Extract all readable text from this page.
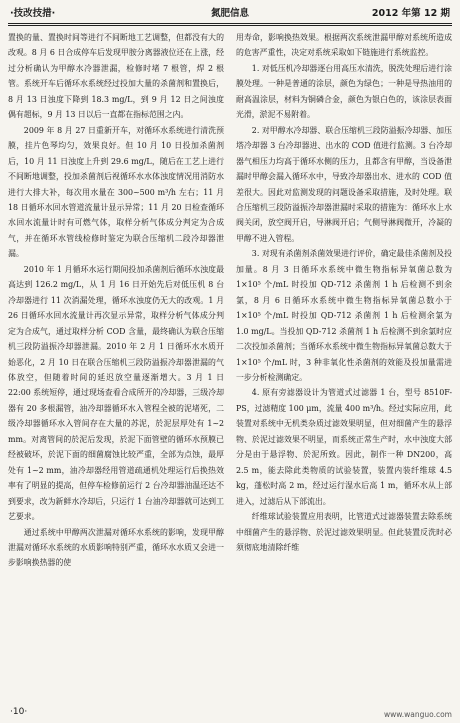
·技改技措·	氮肥信息	2012 年第 12 期

置换的量、置换时间等进行不间断地工艺调整，但都没有大的改观。8 月 6 日合成停车后发现甲胺分离器液位还在上涨，经过分析确认为甲醇水冷器泄漏，检修时堵 7 根管，焊 2 根管。系统开车后循环水系统经过投加大量的杀菌剂和置换后，8 月 13 日浊度下降到 18.3 mg/L，到 9 月 12 日之间浊度偶有超标，9 月 13 日以后一直都在指标范围之内。

2009 年 8 月 27 日重新开车，对循环水系统进行清洗预膜，挂片色琴均匀，效果良好。但 10 月 10 日投加杀菌剂后，10 月 11 日浊度上升到 29.6 mg/L，随后在工艺上进行不间断地调整，投加杀菌剂后视循环水水体浊度情况用消防水进行大排大补，每次用水量在 300~500 m³/h 左右；11 月 18 日循环水回水管道流量计显示异常；11 月 20 日检查循环水回水流量计时有可燃气体，取样分析气体成分判定为合成气，并在循环水管线检修时鉴定为联合压缩机二段冷却器泄漏。

2010 年 1 月循环水运行期间投加杀菌剂后循环水浊度最高达到 126.2 mg/L，从 1 月 16 日开始先后对低压机 8 台冷却器进行 11 次消漏处理，循环水浊度仍无大的改观。1 月 26 日循环水回水流量计再次显示异常，取样分析气体成分判定为合成气，通过取样分析 COD 含量，最终确认为联合压缩机三段防溢振冷却器泄漏。2010 年 2 月 1 日循环水水质开始恶化，2 月 10 日在联合压缩机三段防溢振冷却器泄漏的气体放空，但随着时间的延迟放空量逐渐增大。3 月 1 日 22:00 系统短停，通过现场查看合成所开的冷却器，三级冷却器有 20 多根漏管，油冷却器循环水入管程全被的泥堵死，二级冷却器循环水入管间存在大量的苏泥，於泥层厚处有 1~2 mm。对离管间的於泥后发现，於泥下面管壁的循环水预膜已经被破坏，於泥下面的细菌腐蚀比较严重，全部为点蚀，最厚处有 1~2 mm，油冷却器经用管道疏通机处理运行后换热效率有了明显的提高，但停车检修前运行 2 台冷却器油温还达不到要求，改为新鲜水冷却后，只运行 1 台油冷却器就可达到工艺要求。

通过系统中甲醇两次泄漏对循环水系统的影响，发现甲醇泄漏对循环水系统的水质影响特别严重，循环水水质又会进一步影响换热器的使

用寿命，影响换热效果。根据两次系统泄漏甲醇对系统所造成的危害严重性，决定对系统采取如下链施进行系统监控。

1. 对低压机冷却器逐台用高压水清洗，脱洗处理后进行涂膜处理。一种是普通的涂层，颜色为绿色；一种是导热油用的耐高温涂层，材料为铜磷合金，颜色为银白色的，该涂层表面光滑，淤泥不易附着。

2. 对甲醇水冷却器、联合压缩机三段防溢振冷却器、加压塔冷却器 3 台冷却器进、出水的 COD 值进行监测。3 台冷却器气相压力均高于循环水侧的压力，且都含有甲醇，当设备泄漏时甲醇会漏入循环水中，导致冷却器出水、进水的 COD 值差很大。因此对监测发现的问题设备采取措施，及时处理。联合压缩机三段防溢振冷却器泄漏时采取的措施为：循环水上水阀关闭，放空阀开启，导淋阀开启；气侧导淋阀微开，冷凝的甲醇不进入管程。

3. 对现有杀菌剂杀菌效果进行评价，确定最佳杀菌剂及投加量。8 月 3 日循环水系统中微生物指标异氧菌总数为 1×10⁵ 个/mL 时投加 QD-712 杀菌剂 1 h 后检测不到余氯，8 月 6 日循环水系统中微生物指标异氧菌总数小于 1×10⁵ 个/mL 时投加 QD-712 杀菌剂 1 h 后检测余氯为 1.0 mg/L。当投加 QD-712 杀菌剂 1 h 后检测不到余氯时应二次投加杀菌剂；当循环水系统中微生物指标异氧菌总数大于 1×10⁵ 个/mL 时，3 种非氧化性杀菌剂的效能及投加量需进一步分析检测确定。

4. 原有旁滤器设计为管道式过滤器 1 台，型号 8510F-PS，过滤精度 100 μm，流量 400 m³/h。经过实际应用，此装置对系统中无机类杂质过滤效果明显，但对细菌产生的悬浮物、於泥过滤效果不明显，而系统正常生产时，水中浊度大部分是由于悬浮物、於泥所致。因此，制作一种 DN200，高 2.5 m，能去除此类物质的试验装置，装置内装纤维球 4.5 kg，蓬松时高 2 m，经过运行湿水后高 1 m，循环水从上部进入，过滤后从下部流出。

纤维球试验装置应用表明，比管道式过滤器装置去除系统中细菌产生的悬浮物、於泥过滤效果明显。但此装置反洗时必须彻底地清除纤维

·10·	www.wanguo.com
